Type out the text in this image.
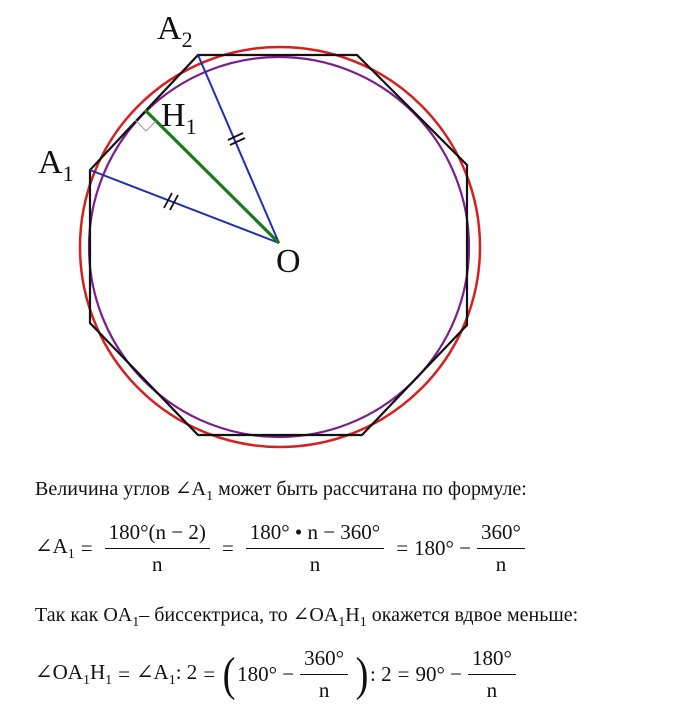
$A_2$
$H_1$
$A_1$
O
Величина углов $\angle A_1$ может быть рассчитана по формуле:
$\angle A_1 = \frac{180^\circ(n - 2)}{n} = \frac{180^\circ • n - 360^\circ}{n} = 180^\circ - \frac{360^\circ}{n}$
Так как $OA_1-$ биссектриса, то $\angle OA_1H_1$ окажется вдвое меньше:
$\angle OA_1H_1$ = $\angle A_1$: 2 = ( $180^\circ - \frac{360^\circ}{n}$ ) : $2 = 90^\circ - \frac{180^\circ}{n}$
